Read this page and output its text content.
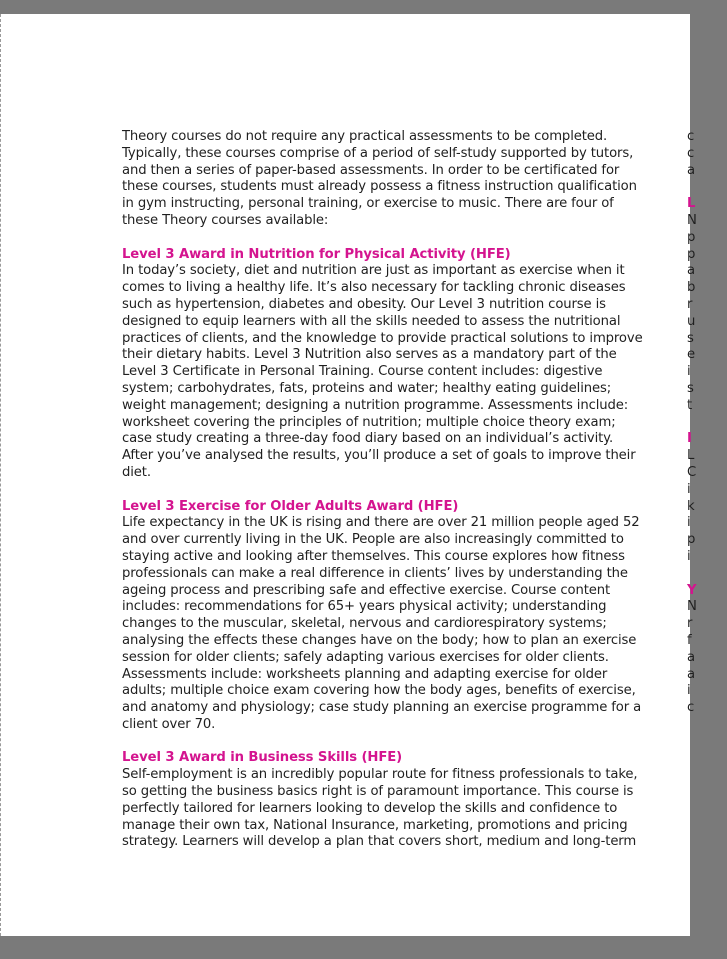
Theory courses do not require any practical assessments to be completed. Typically, these courses comprise of a period of self-study supported by tutors, and then a series of paper-based assessments. In order to be certificated for these courses, students must already possess a fitness instruction qualification in gym instructing, personal training, or exercise to music. There are four of these Theory courses available:

Level 3 Award in Nutrition for Physical Activity (HFE)

In today’s society, diet and nutrition are just as important as exercise when it comes to living a healthy life. It’s also necessary for tackling chronic diseases such as hypertension, diabetes and obesity. Our Level 3 nutrition course is designed to equip learners with all the skills needed to assess the nutritional practices of clients, and the knowledge to provide practical solutions to improve their dietary habits. Level 3 Nutrition also serves as a mandatory part of the Level 3 Certificate in Personal Training. Course content includes: digestive system; carbohydrates, fats, proteins and water; healthy eating guidelines; weight management; designing a nutrition programme. Assessments include: worksheet covering the principles of nutrition; multiple choice theory exam; case study creating a three-day food diary based on an individual’s activity. After you’ve analysed the results, you’ll produce a set of goals to improve their diet.

Level 3 Exercise for Older Adults Award (HFE)

Life expectancy in the UK is rising and there are over 21 million people aged 52 and over currently living in the UK. People are also increasingly committed to staying active and looking after themselves. This course explores how fitness professionals can make a real difference in clients’ lives by understanding the ageing process and prescribing safe and effective exercise. Course content includes: recommendations for 65+ years physical activity; understanding changes to the muscular, skeletal, nervous and cardiorespiratory systems; analysing the effects these changes have on the body; how to plan an exercise session for older clients; safely adapting various exercises for older clients. Assessments include: worksheets planning and adapting exercise for older adults; multiple choice exam covering how the body ages, benefits of exercise, and anatomy and physiology; case study planning an exercise programme for a client over 70.

Level 3 Award in Business Skills (HFE)

Self-employment is an incredibly popular route for fitness professionals to take, so getting the business basics right is of paramount importance. This course is perfectly tailored for learners looking to develop the skills and confidence to manage their own tax, National Insurance, marketing, promotions and pricing strategy. Learners will develop a plan that covers short, medium and long-term

c
c
a
L
N
p
p
a
b
r
u
s
e
i
s
t
I
L
C
i
k
i
p
i
Y
N
r
f
a
a
i
c
